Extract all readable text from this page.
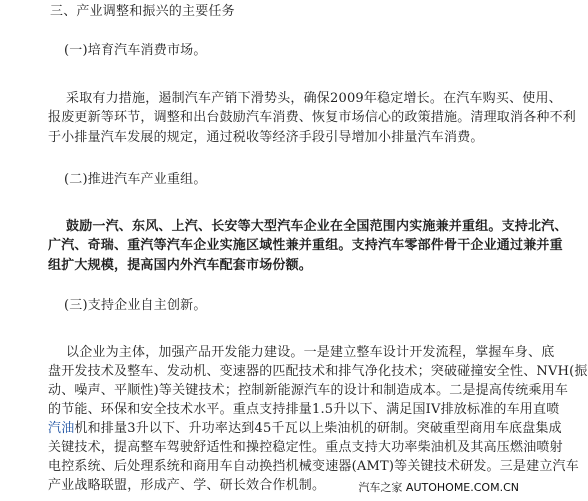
三、产业调整和振兴的主要任务
(一)培育汽车消费市场。
采取有力措施，遏制汽车产销下滑势头，确保2009年稳定增长。在汽车购买、使用、
报废更新等环节，调整和出台鼓励汽车消费、恢复市场信心的政策措施。清理取消各种不利
于小排量汽车发展的规定，通过税收等经济手段引导增加小排量汽车消费。
(二)推进汽车产业重组。
鼓励一汽、东风、上汽、长安等大型汽车企业在全国范围内实施兼并重组。支持北汽、
广汽、奇瑞、重汽等汽车企业实施区域性兼并重组。支持汽车零部件骨干企业通过兼并重
组扩大规模，提高国内外汽车配套市场份额。
(三)支持企业自主创新。
以企业为主体，加强产品开发能力建设。一是建立整车设计开发流程，掌握车身、底
盘开发技术及整车、发动机、变速器的匹配技术和排气净化技术；突破碰撞安全性、NVH(振
动、噪声、平顺性)等关键技术；控制新能源汽车的设计和制造成本。二是提高传统乘用车
的节能、环保和安全技术水平。重点支持排量1.5升以下、满足国IV排放标准的车用直喷
汽油机和排量3升以下、升功率达到45千瓦以上柴油机的研制。突破重型商用车底盘集成
关键技术，提高整车驾驶舒适性和操控稳定性。重点支持大功率柴油机及其高压燃油喷射
电控系统、后处理系统和商用车自动换挡机械变速器(AMT)等关键技术研发。三是建立汽车
产业战略联盟，形成产、学、研长效合作机制。	汽车之家 AUTOHOME.COM.CN
